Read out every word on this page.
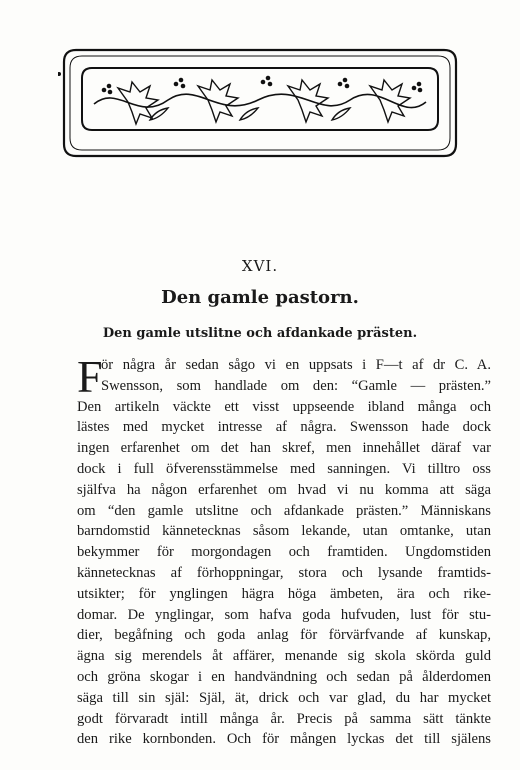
XVI.
Den gamle pastorn.
Den gamle utslitne och afdankade prästen.
F
ör några år sedan sågo vi en uppsats i F—t af dr C. A.
Swensson, som handlade om den: “Gamle — prästen.”
Den artikeln väckte ett visst uppseende ibland många och
lästes med mycket intresse af några. Swensson hade dock
ingen erfarenhet om det han skref, men innehållet däraf var
dock i full öfverensstämmelse med sanningen. Vi tilltro oss
själfva ha någon erfarenhet om hvad vi nu komma att säga
om “den gamle utslitne och afdankade prästen.” Människans
barndomstid kännetecknas såsom lekande, utan omtanke, utan
bekymmer för morgondagen och framtiden. Ungdomstiden
kännetecknas af förhoppningar, stora och lysande framtids-
utsikter; för ynglingen hägra höga ämbeten, ära och rike-
domar. De ynglingar, som hafva goda hufvuden, lust för stu-
dier, begåfning och goda anlag för förvärfvande af kunskap,
ägna sig merendels åt affärer, menande sig skola skörda guld
och gröna skogar i en handvändning och sedan på ålderdomen
säga till sin själ: Själ, ät, drick och var glad, du har mycket
godt förvaradt intill många år. Precis på samma sätt tänkte
den rike kornbonden. Och för mången lyckas det till själens
